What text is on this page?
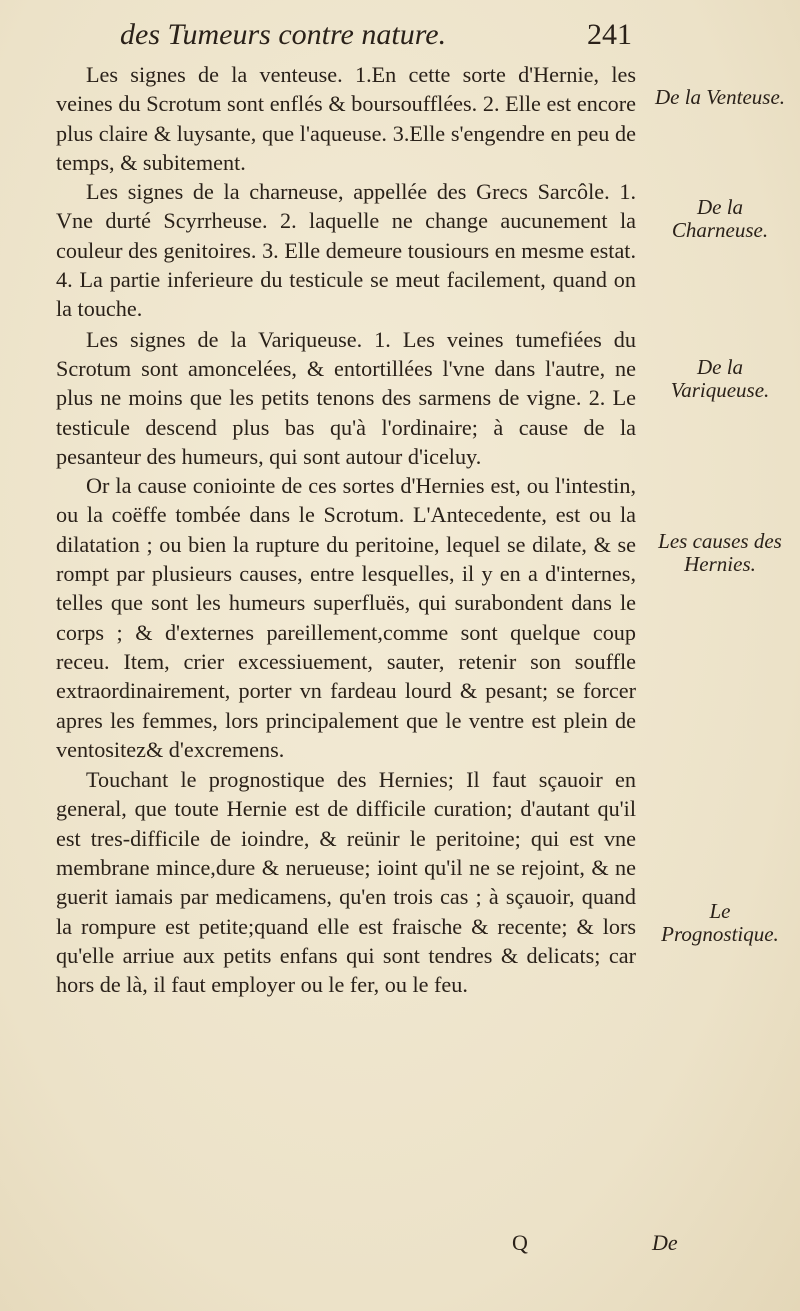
des Tumeurs contre nature.	241

Les signes de la venteuse. 1.En cette sorte d'Hernie, les veines du Scrotum sont enflés & boursoufflées. 2. Elle est encore plus claire & luysante, que l'aqueuse. 3.Elle s'engendre en peu de temps, & subitement.

Les signes de la charneuse, appellée des Grecs Sarcôle. 1. Vne durté Scyrrheuse. 2. laquelle ne change aucunement la couleur des genitoires. 3. Elle demeure tousiours en mesme estat. 4. La partie inferieure du testicule se meut facilement, quand on la touche.

Les signes de la Variqueuse. 1. Les veines tumefiées du Scrotum sont amoncelées, & entortillées l'vne dans l'autre, ne plus ne moins que les petits tenons des sarmens de vigne. 2. Le testicule descend plus bas qu'à l'ordinaire; à cause de la pesanteur des humeurs, qui sont autour d'iceluy.

Or la cause coniointe de ces sortes d'Hernies est, ou l'intestin, ou la coëffe tombée dans le Scrotum. L'Antecedente, est ou la dilatation ; ou bien la rupture du peritoine, lequel se dilate, & se rompt par plusieurs causes, entre lesquelles, il y en a d'internes, telles que sont les humeurs superfluës, qui surabondent dans le corps ; & d'externes pareillement,comme sont quelque coup receu. Item, crier excessiuement, sauter, retenir son souffle extraordinairement, porter vn fardeau lourd & pesant; se forcer apres les femmes, lors principalement que le ventre est plein de ventositez& d'excremens.

Touchant le prognostique des Hernies; Il faut sçauoir en general, que toute Hernie est de difficile curation; d'autant qu'il est tres-difficile de ioindre, & reünir le peritoine; qui est vne membrane mince,dure & nerueuse; ioint qu'il ne se rejoint, & ne guerit iamais par medicamens, qu'en trois cas ; à sçauoir, quand la rompure est petite;quand elle est fraische & recente; & lors qu'elle arriue aux petits enfans qui sont tendres & delicats; car hors de là, il faut employer ou le fer, ou le feu.

De la Venteuse.
De la Charneuse.
De la Variqueuse.
Les causes des Hernies.
Le Prognostique.
Q	De
